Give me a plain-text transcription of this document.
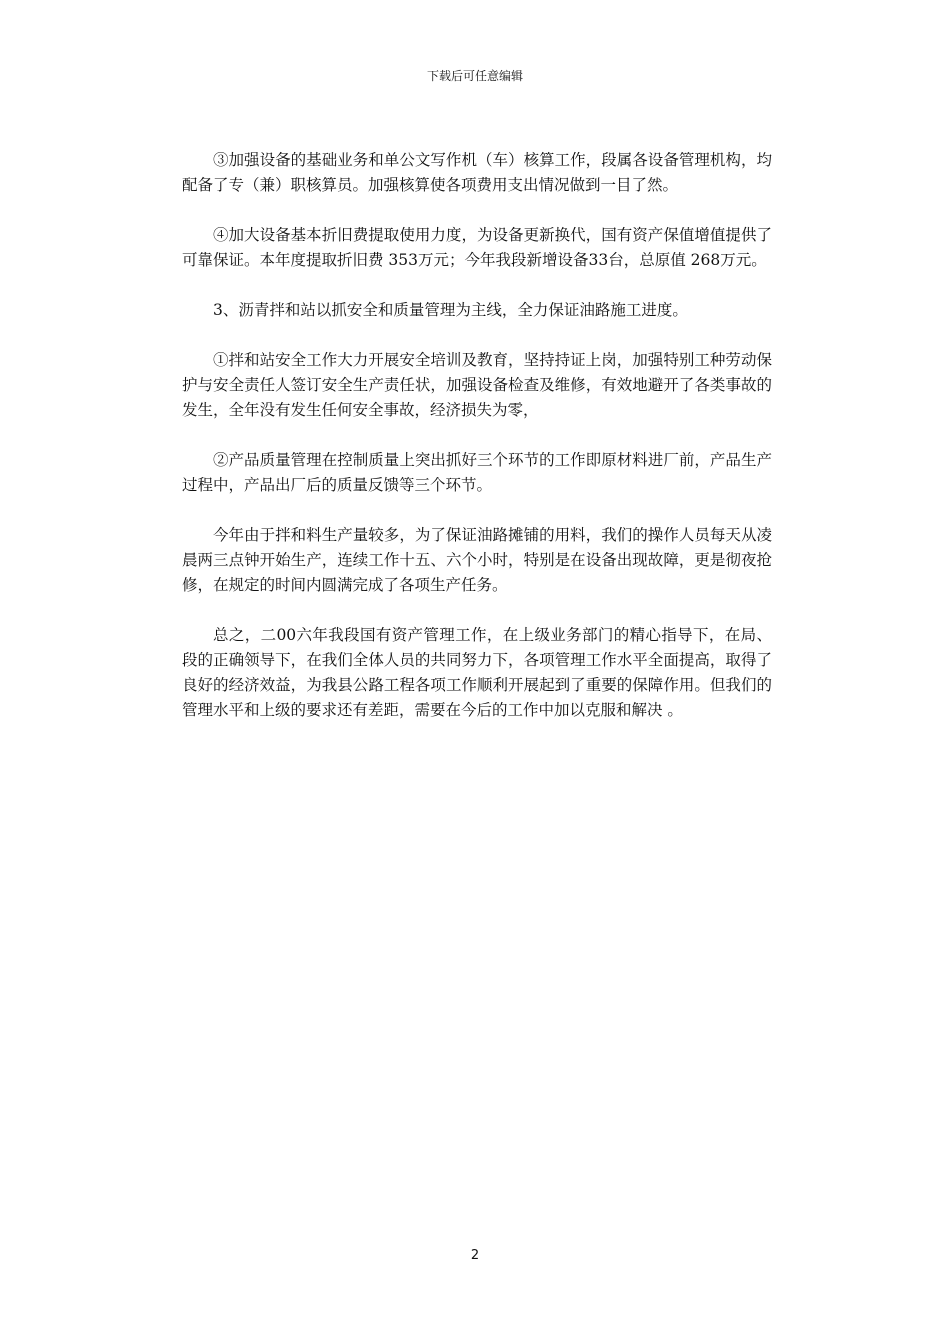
下载后可任意编辑

③加强设备的基础业务和单公文写作机（车）核算工作，段属各设备管理机构，均配备了专（兼）职核算员。加强核算使各项费用支出情况做到一目了然。

④加大设备基本折旧费提取使用力度，为设备更新换代，国有资产保值增值提供了可靠保证。本年度提取折旧费 353万元；今年我段新增设备33台，总原值 268万元。

3、沥青拌和站以抓安全和质量管理为主线，全力保证油路施工进度。

①拌和站安全工作大力开展安全培训及教育，坚持持证上岗，加强特别工种劳动保护与安全责任人签订安全生产责任状，加强设备检查及维修，有效地避开了各类事故的发生，全年没有发生任何安全事故，经济损失为零，

②产品质量管理在控制质量上突出抓好三个环节的工作即原材料进厂前，产品生产过程中，产品出厂后的质量反馈等三个环节。

今年由于拌和料生产量较多，为了保证油路摊铺的用料，我们的操作人员每天从凌晨两三点钟开始生产，连续工作十五、六个小时，特别是在设备出现故障，更是彻夜抢修，在规定的时间内圆满完成了各项生产任务。

总之，二00六年我段国有资产管理工作，在上级业务部门的精心指导下，在局、段的正确领导下，在我们全体人员的共同努力下，各项管理工作水平全面提高，取得了良好的经济效益，为我县公路工程各项工作顺利开展起到了重要的保障作用。但我们的管理水平和上级的要求还有差距，需要在今后的工作中加以克服和解决 。

2
